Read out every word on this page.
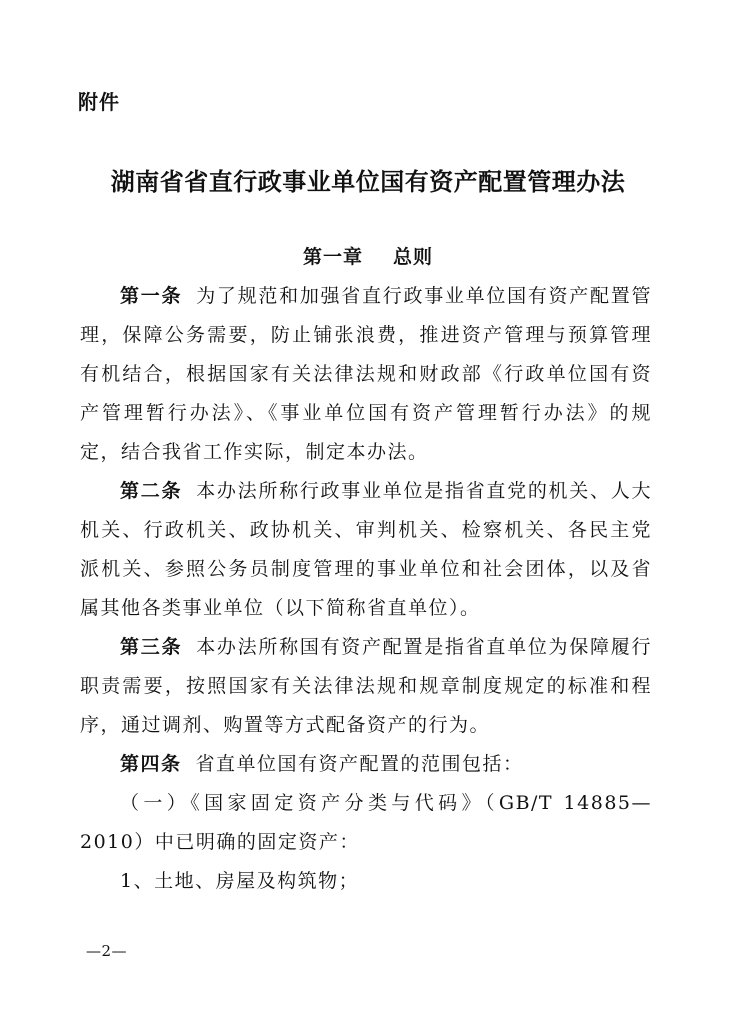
附件
湖南省省直行政事业单位国有资产配置管理办法
第一章 总则
第一条 为了规范和加强省直行政事业单位国有资产配置管理，保障公务需要，防止铺张浪费，推进资产管理与预算管理有机结合，根据国家有关法律法规和财政部《行政单位国有资产管理暂行办法》、《事业单位国有资产管理暂行办法》的规定，结合我省工作实际，制定本办法。
第二条 本办法所称行政事业单位是指省直党的机关、人大机关、行政机关、政协机关、审判机关、检察机关、各民主党派机关、参照公务员制度管理的事业单位和社会团体，以及省属其他各类事业单位（以下简称省直单位）。
第三条 本办法所称国有资产配置是指省直单位为保障履行职责需要，按照国家有关法律法规和规章制度规定的标准和程序，通过调剂、购置等方式配备资产的行为。
第四条 省直单位国有资产配置的范围包括：
（一）《国家固定资产分类与代码》（GB/T 14885—2010）中已明确的固定资产：
1、土地、房屋及构筑物；
—2—
